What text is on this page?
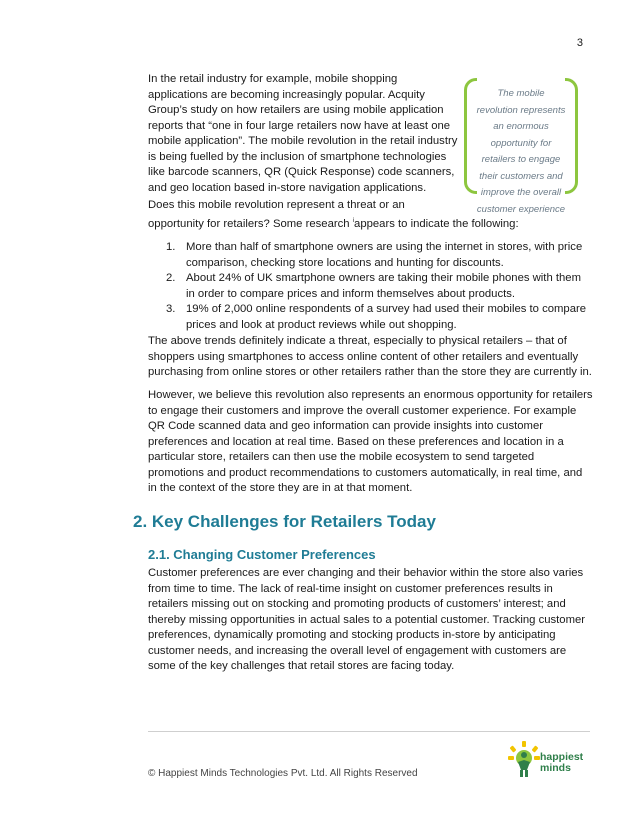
3
In the retail industry for example, mobile shopping applications are becoming increasingly popular. Acquity Group’s study on how retailers are using mobile application reports that “one in four large retailers now have at least one mobile application”. The mobile revolution in the retail industry is being fuelled by the inclusion of smartphone technologies like barcode scanners, QR (Quick Response) code scanners, and geo location based in-store navigation applications.
The mobile revolution represents an enormous opportunity for retailers to engage their customers and improve the overall customer experience
Does this mobile revolution represent a threat or an
opportunity for retailers? Some research $^i$appears to indicate the following:
1. More than half of smartphone owners are using the internet in stores, with price comparison, checking store locations and hunting for discounts.
2. About 24% of UK smartphone owners are taking their mobile phones with them in order to compare prices and inform themselves about products.
3. 19% of 2,000 online respondents of a survey had used their mobiles to compare prices and look at product reviews while out shopping.
The above trends definitely indicate a threat, especially to physical retailers – that of shoppers using smartphones to access online content of other retailers and eventually purchasing from online stores or other retailers rather than the store they are currently in.
However, we believe this revolution also represents an enormous opportunity for retailers to engage their customers and improve the overall customer experience. For example QR Code scanned data and geo information can provide insights into customer preferences and location at real time. Based on these preferences and location in a particular store, retailers can then use the mobile ecosystem to send targeted promotions and product recommendations to customers automatically, in real time, and in the context of the store they are in at that moment.
2. Key Challenges for Retailers Today
2.1. Changing Customer Preferences
Customer preferences are ever changing and their behavior within the store also varies from time to time. The lack of real-time insight on customer preferences results in retailers missing out on stocking and promoting products of customers’ interest; and thereby missing opportunities in actual sales to a potential customer. Tracking customer preferences, dynamically promoting and stocking products in-store by anticipating customer needs, and increasing the overall level of engagement with customers are some of the key challenges that retail stores are facing today.
© Happiest Minds Technologies Pvt. Ltd. All Rights Reserved
happiest
minds
